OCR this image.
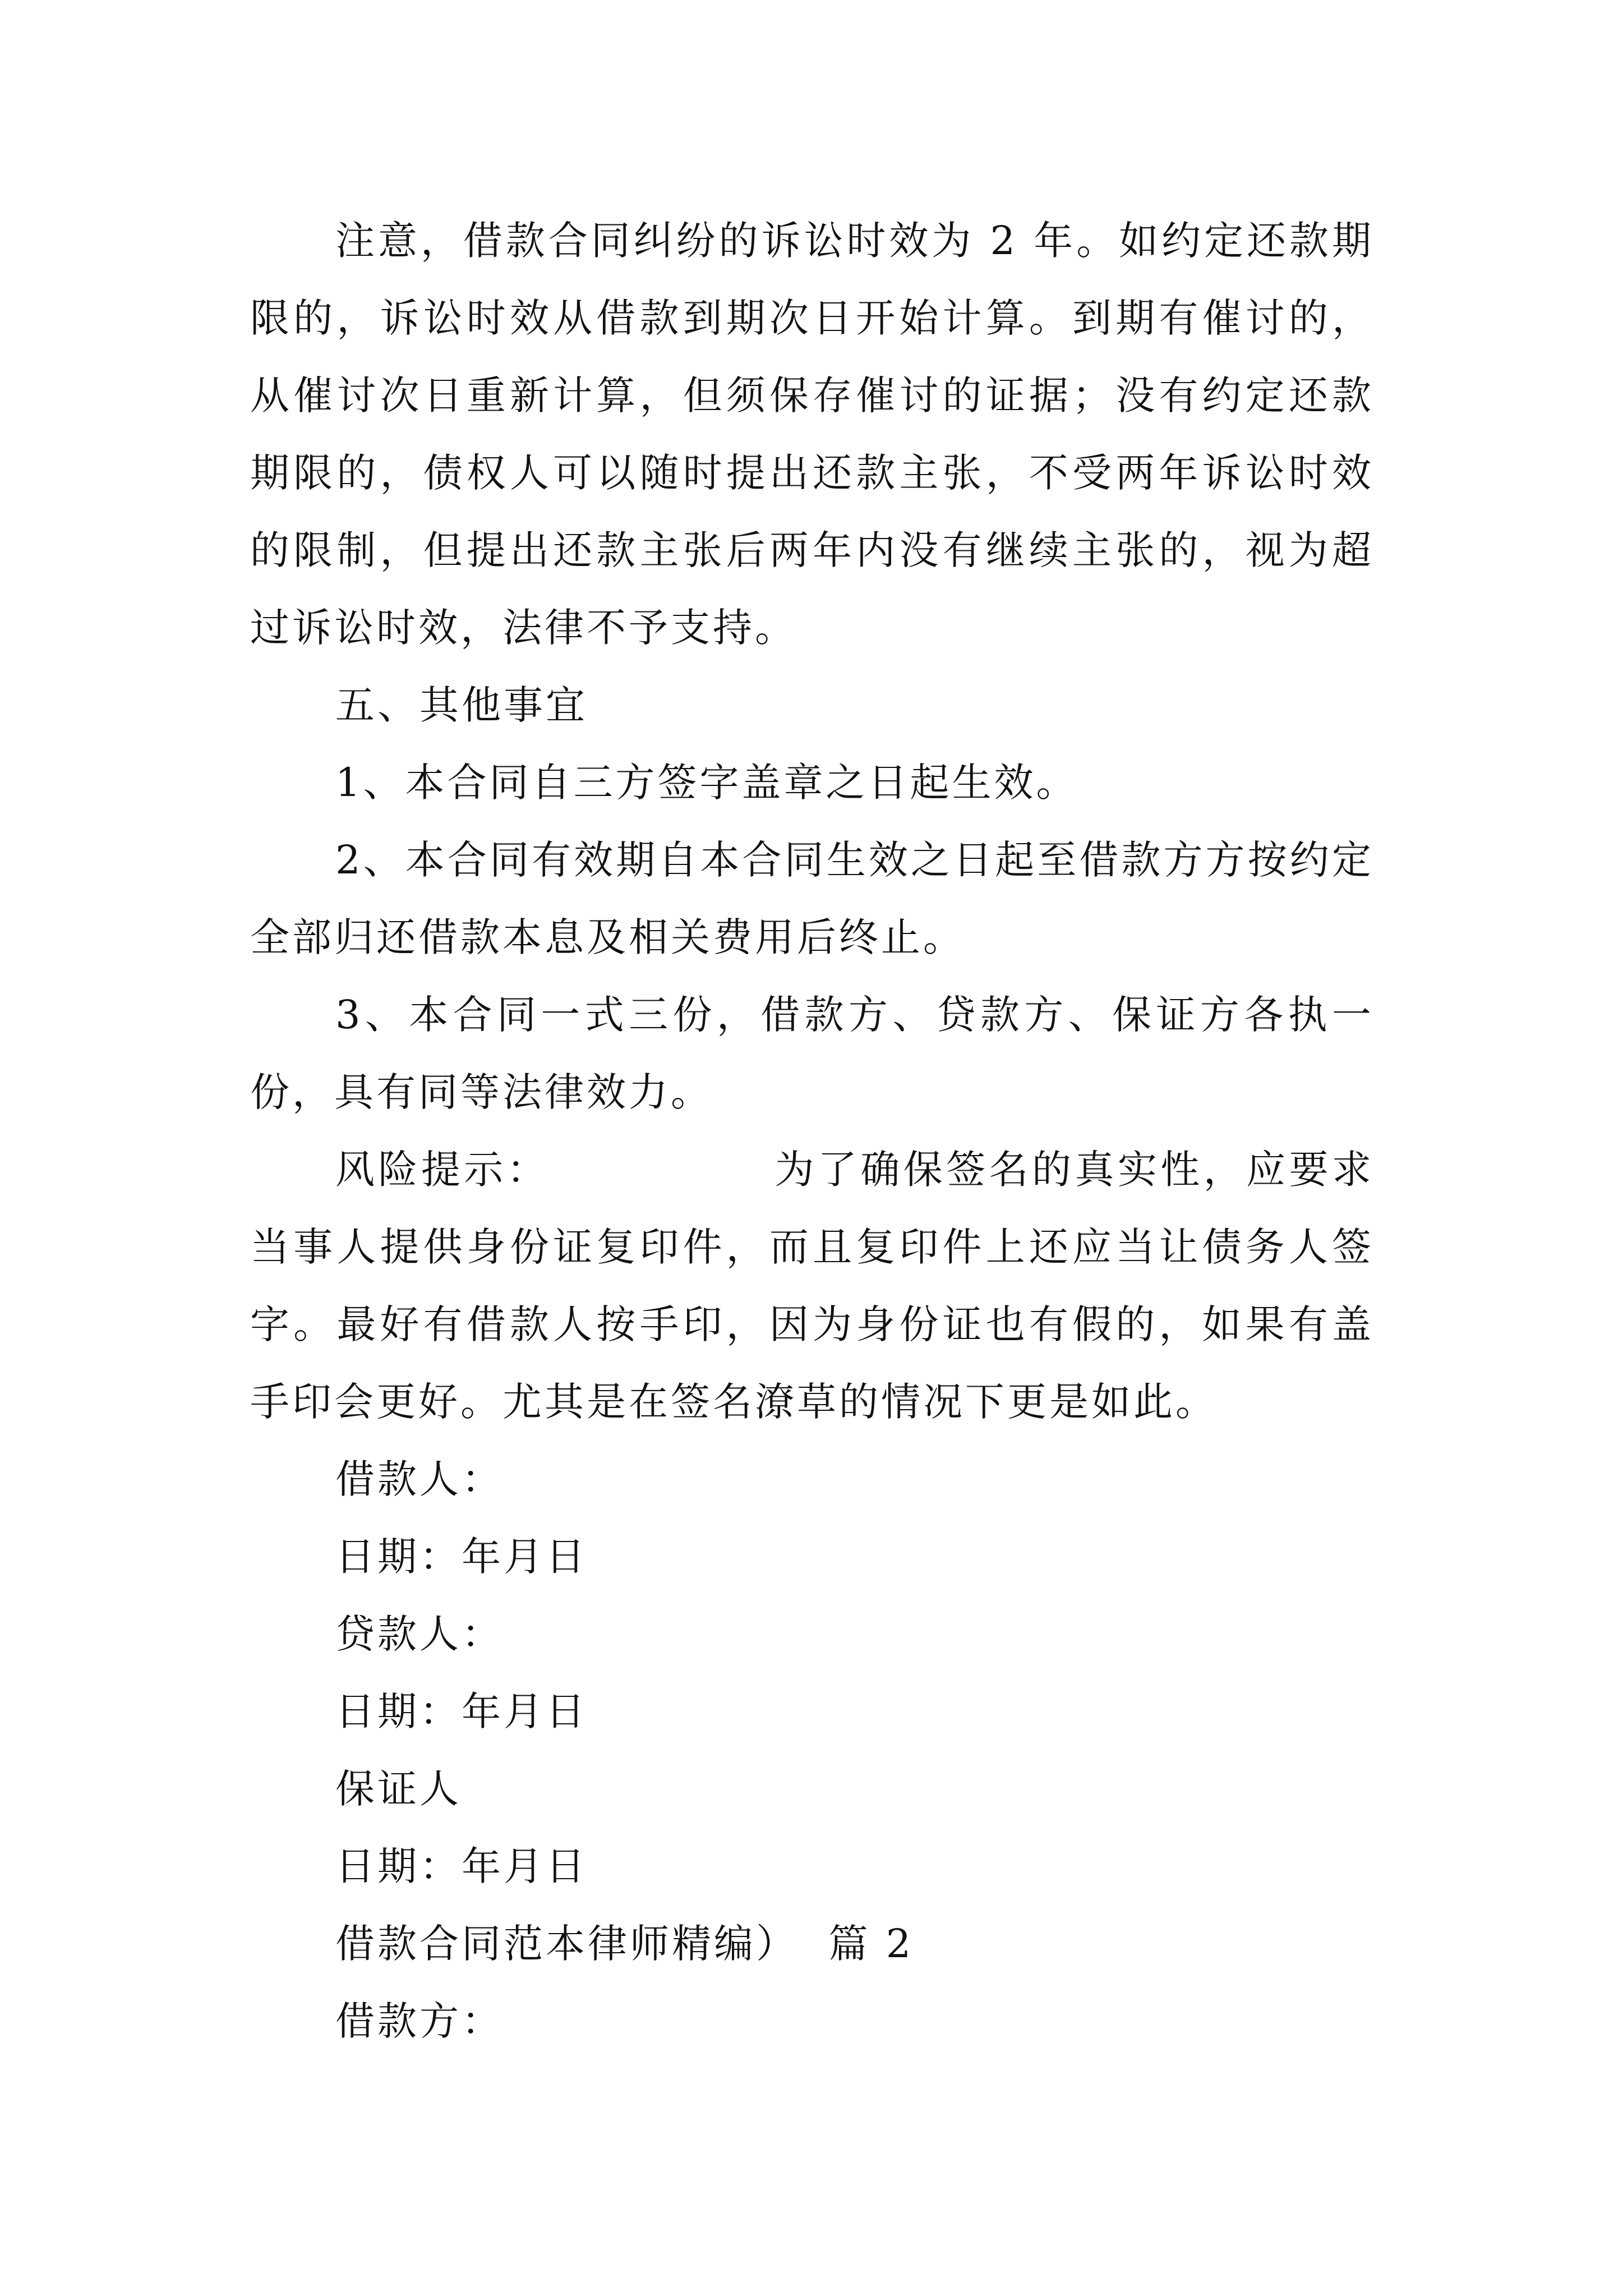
注意，借款合同纠纷的诉讼时效为 2 年。如约定还款期限的，诉讼时效从借款到期次日开始计算。到期有催讨的，从催讨次日重新计算，但须保存催讨的证据；没有约定还款期限的，债权人可以随时提出还款主张，不受两年诉讼时效的限制，但提出还款主张后两年内没有继续主张的，视为超过诉讼时效，法律不予支持。

五、其他事宜

1、本合同自三方签字盖章之日起生效。

2、本合同有效期自本合同生效之日起至借款方方按约定全部归还借款本息及相关费用后终止。

3、本合同一式三份，借款方、贷款方、保证方各执一份，具有同等法律效力。

风险提示：              为了确保签名的真实性，应要求当事人提供身份证复印件，而且复印件上还应当让债务人签字。最好有借款人按手印，因为身份证也有假的，如果有盖手印会更好。尤其是在签名潦草的情况下更是如此。

借款人：

日期：年月日

贷款人：

日期：年月日

保证人

日期：年月日

借款合同范本律师精编）  篇 2

借款方：
